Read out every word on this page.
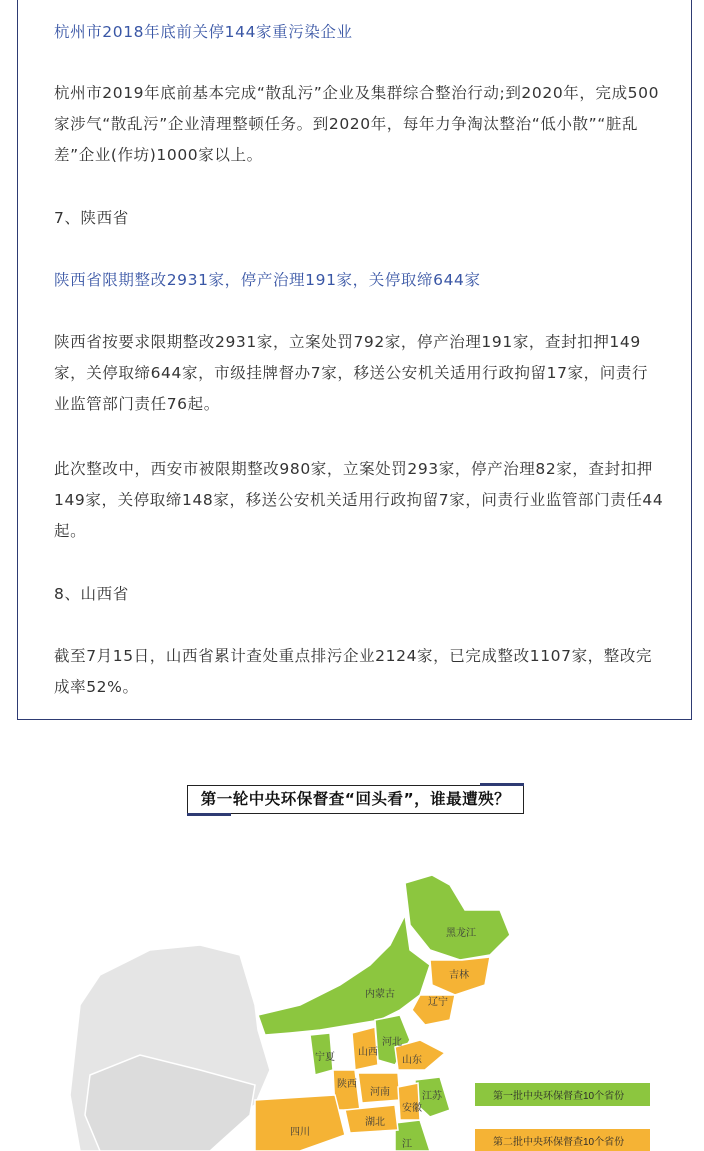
杭州市2018年底前关停144家重污染企业
杭州市2019年底前基本完成“散乱污”企业及集群综合整治行动;到2020年，完成500家涉气“散乱污”企业清理整顿任务。到2020年，每年力争淘汰整治“低小散”“脏乱差”企业(作坊)1000家以上。
7、陕西省
陕西省限期整改2931家，停产治理191家，关停取缔644家
陕西省按要求限期整改2931家，立案处罚792家，停产治理191家，查封扣押149家，关停取缔644家，市级挂牌督办7家，移送公安机关适用行政拘留17家，问责行业监管部门责任76起。
此次整改中，西安市被限期整改980家，立案处罚293家，停产治理82家，查封扣押149家，关停取缔148家，移送公安机关适用行政拘留7家，问责行业监管部门责任44起。
8、山西省
截至7月15日，山西省累计查处重点排污企业2124家，已完成整改1107家，整改完成率52%。
第一轮中央环保督查“回头看”，谁最遭殃？
黑龙江
吉林
辽宁
内蒙古
河北
山西
宁夏	山东
陕西
河南	江苏
安徽
四川
湖北
江
第一批中央环保督查10个省份
第二批中央环保督查10个省份
